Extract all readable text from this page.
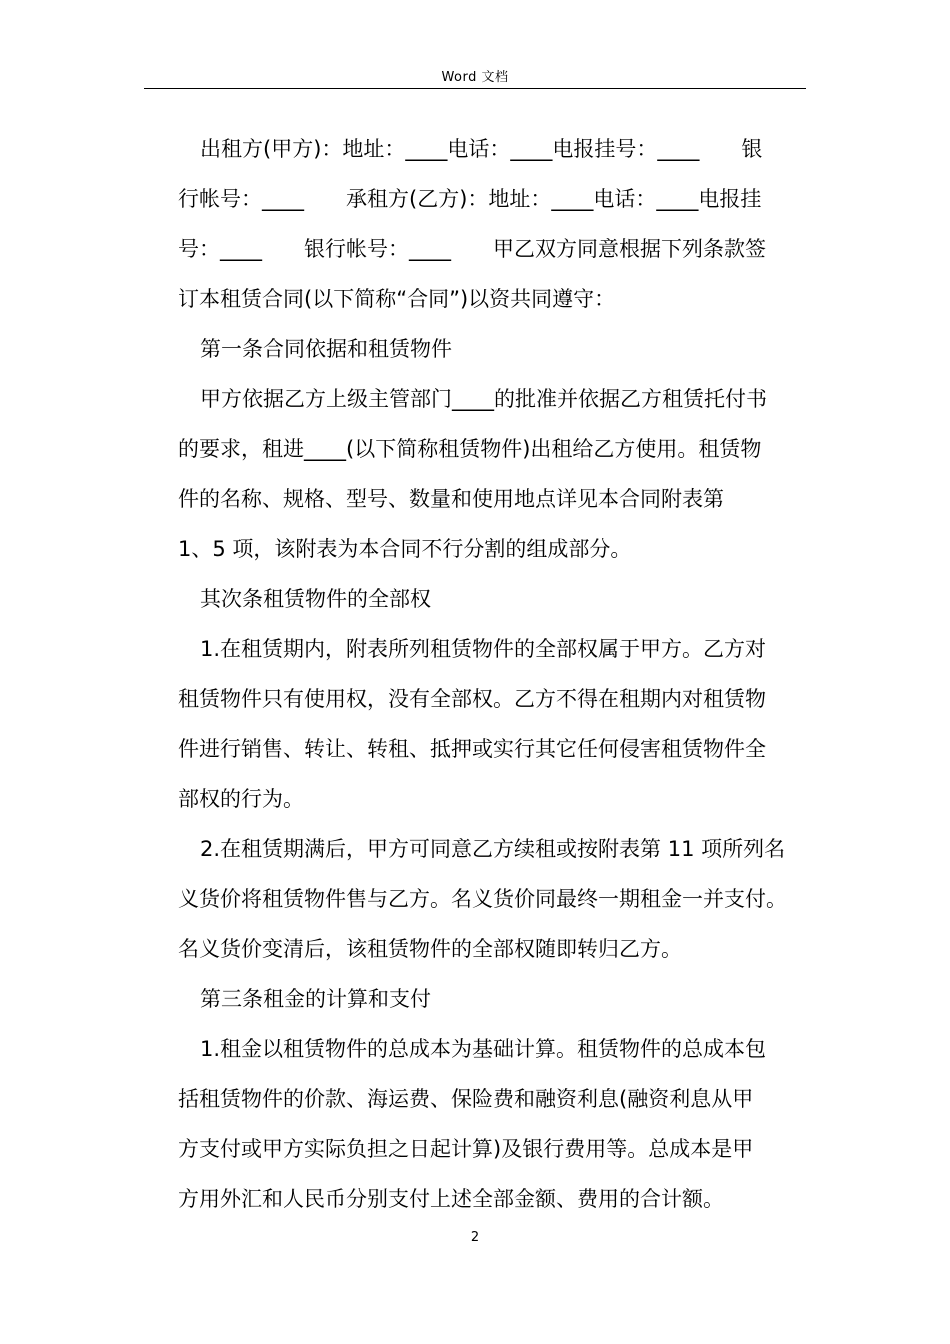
Word 文档
出租方(甲方)：地址：____电话：____电报挂号：____　　银
行帐号：____　　承租方(乙方)：地址：____电话：____电报挂
号：____　　银行帐号：____　　甲乙双方同意根据下列条款签
订本租赁合同(以下简称“合同”)以资共同遵守：
第一条合同依据和租赁物件
甲方依据乙方上级主管部门____的批准并依据乙方租赁托付书
的要求，租进____(以下简称租赁物件)出租给乙方使用。租赁物
件的名称、规格、型号、数量和使用地点详见本合同附表第
1、5 项，该附表为本合同不行分割的组成部分。
其次条租赁物件的全部权
1.在租赁期内，附表所列租赁物件的全部权属于甲方。乙方对
租赁物件只有使用权，没有全部权。乙方不得在租期内对租赁物
件进行销售、转让、转租、抵押或实行其它任何侵害租赁物件全
部权的行为。
2.在租赁期满后，甲方可同意乙方续租或按附表第 11 项所列名
义货价将租赁物件售与乙方。名义货价同最终一期租金一并支付。
名义货价变清后，该租赁物件的全部权随即转归乙方。
第三条租金的计算和支付
1.租金以租赁物件的总成本为基础计算。租赁物件的总成本包
括租赁物件的价款、海运费、保险费和融资利息(融资利息从甲
方支付或甲方实际负担之日起计算)及银行费用等。总成本是甲
方用外汇和人民币分别支付上述全部金额、费用的合计额。
2
